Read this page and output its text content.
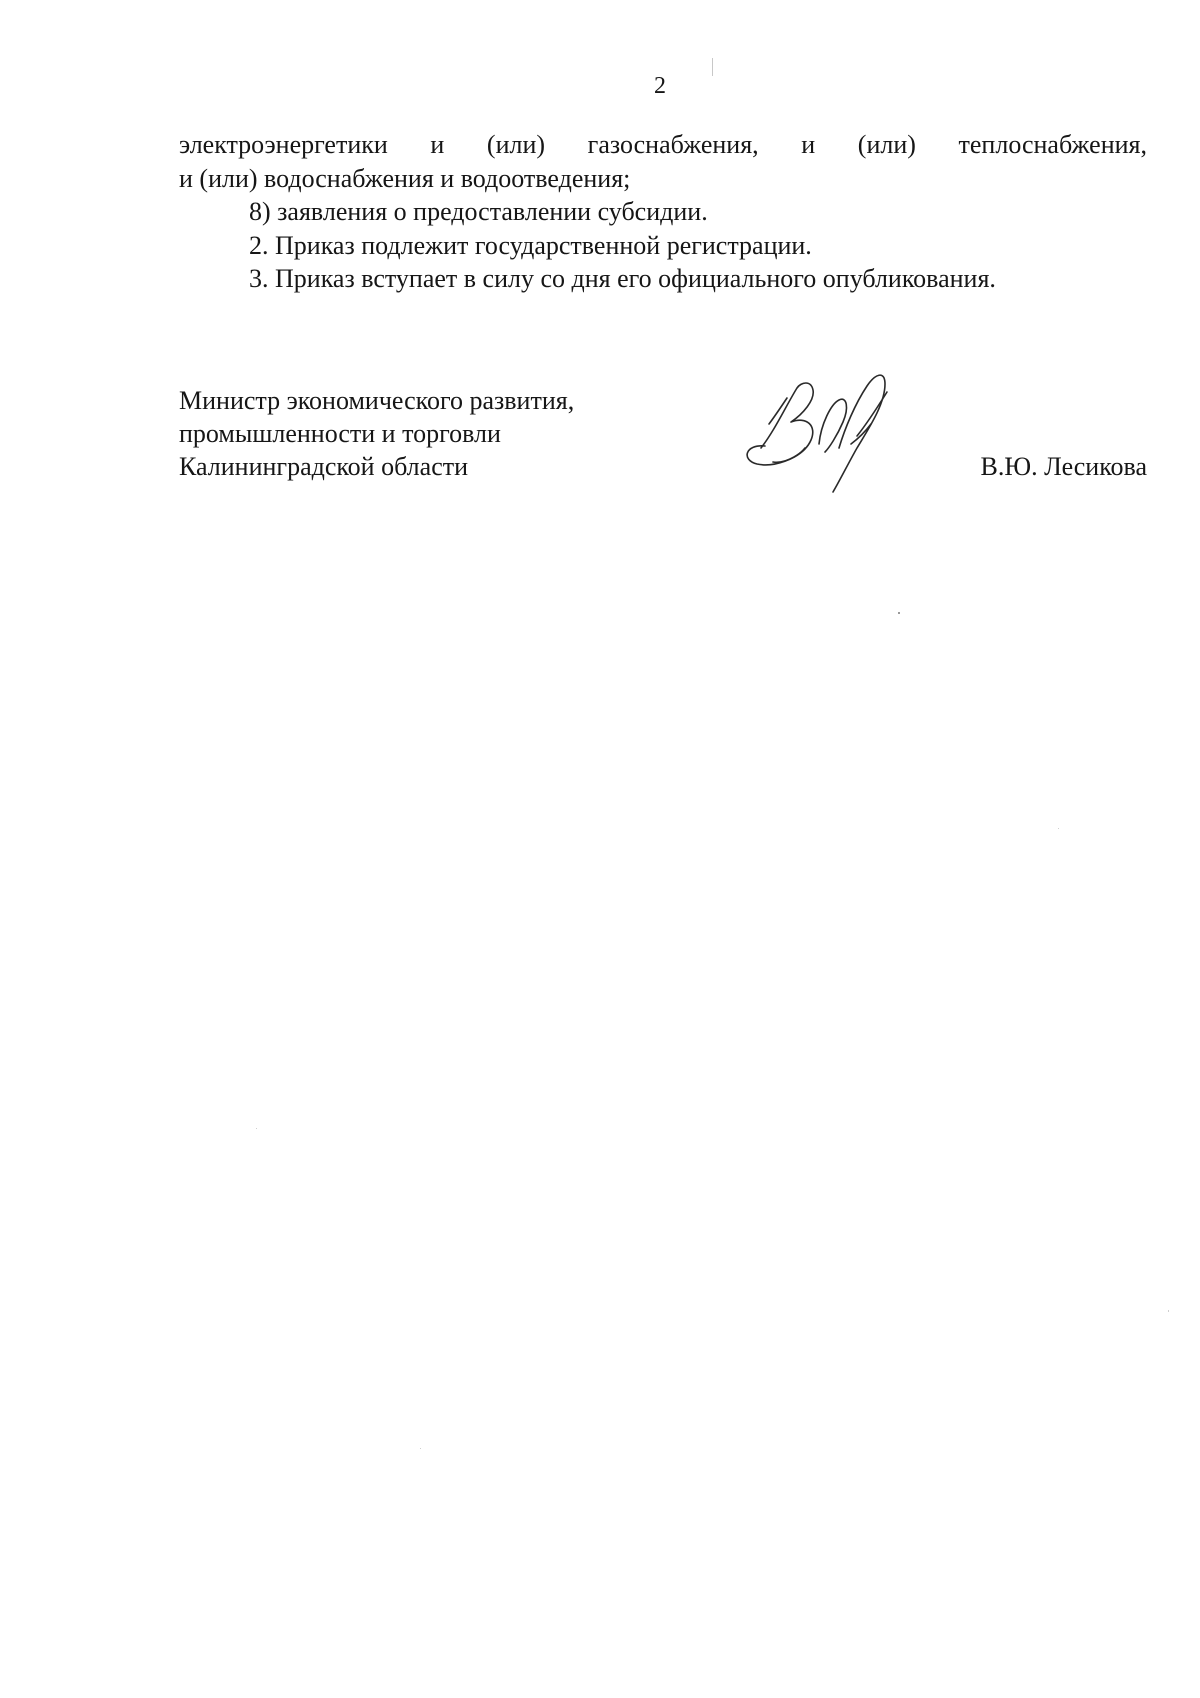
2
электроэнергетики и (или) газоснабжения, и (или) теплоснабжения,
и (или) водоснабжения и водоотведения;
8) заявления о предоставлении субсидии.
2. Приказ подлежит государственной регистрации.
3. Приказ вступает в силу со дня его официального опубликования.
Министр экономического развития,
промышленности и торговли
Калининградской области	В.Ю. Лесикова
